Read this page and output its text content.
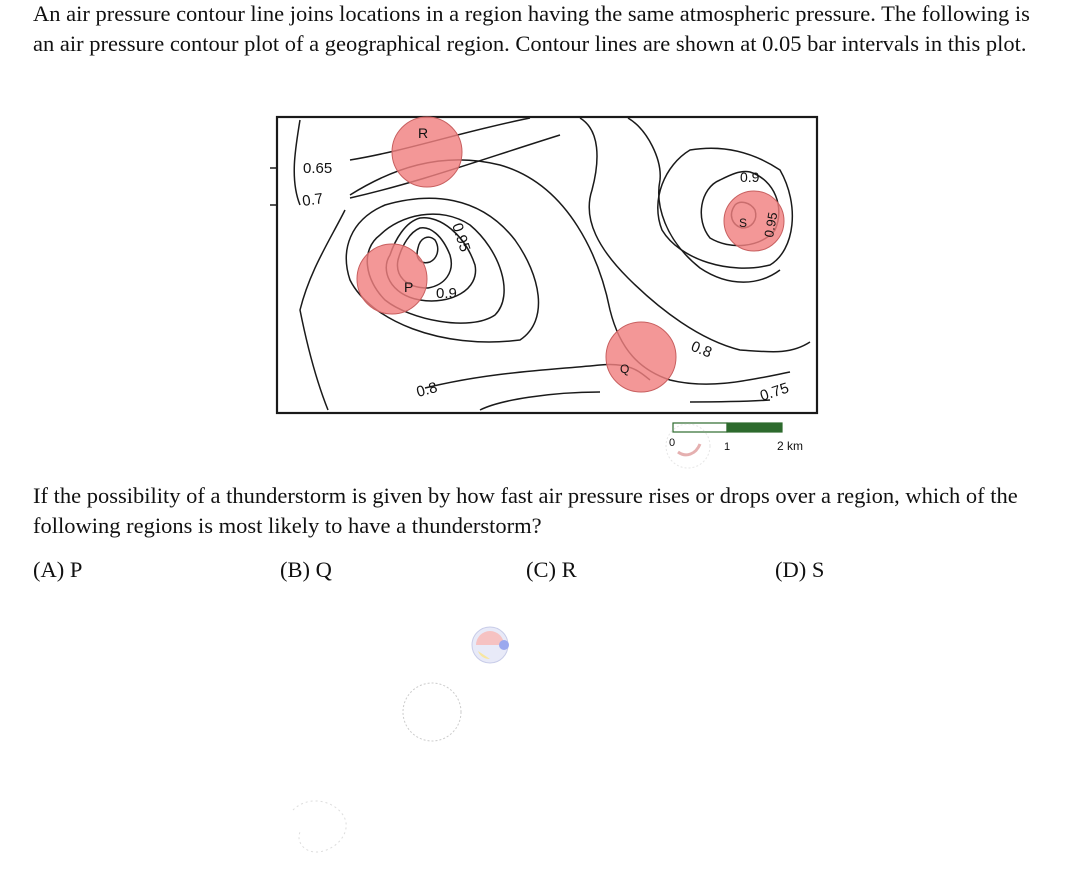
An air pressure contour line joins locations in a region having the same atmospheric pressure. The following is an air pressure contour plot of a geographical region. Contour lines are shown at 0.05 bar intervals in this plot.

R
P
Q
S
0.65
0.7
0.95
0.9
0.8
0.8	0.75
0.9
0.95
0	1	2 km

If the possibility of a thunderstorm is given by how fast air pressure rises or drops over a region, which of the following regions is most likely to have a thunderstorm?

(A) P	(B) Q	(C) R	(D) S
